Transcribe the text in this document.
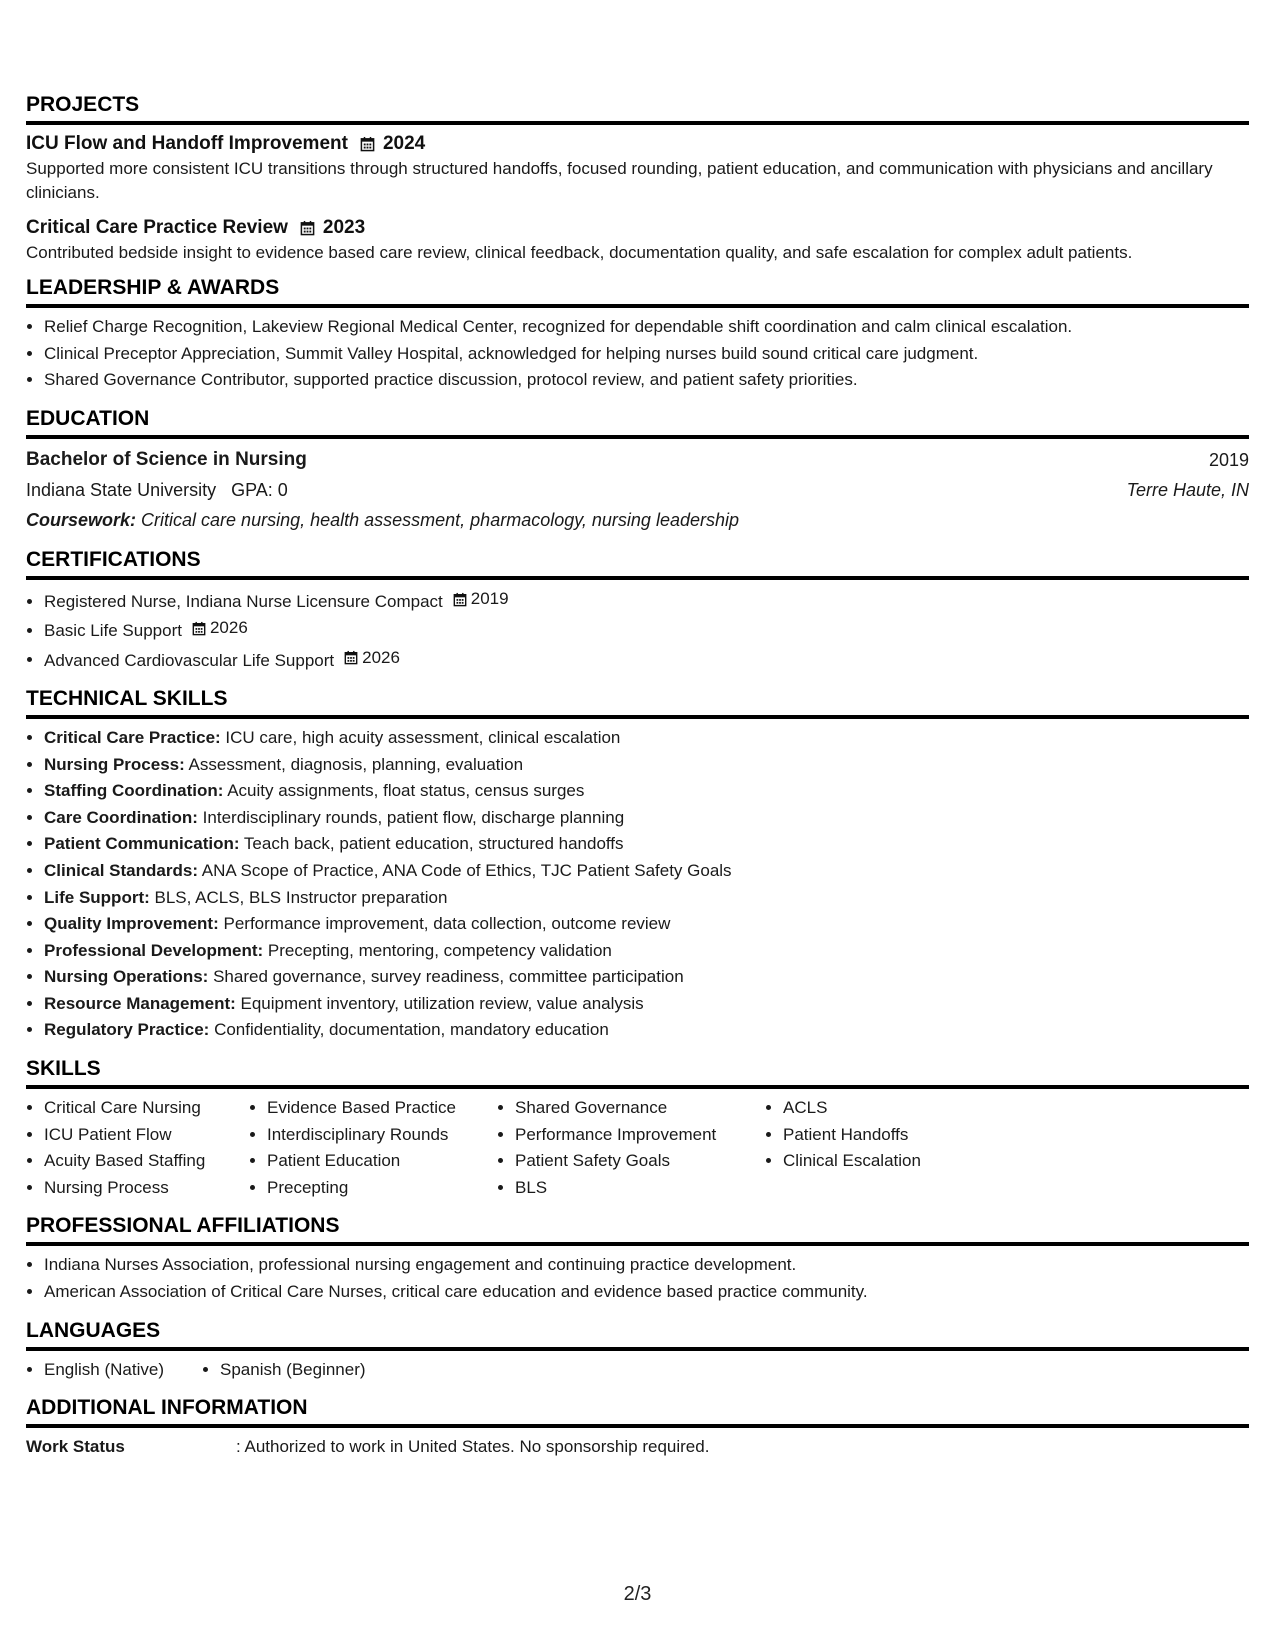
PROJECTS
ICU Flow and Handoff Improvement 2024
Supported more consistent ICU transitions through structured handoffs, focused rounding, patient education, and communication with physicians and ancillary clinicians.
Critical Care Practice Review 2023
Contributed bedside insight to evidence based care review, clinical feedback, documentation quality, and safe escalation for complex adult patients.
LEADERSHIP & AWARDS
• Relief Charge Recognition, Lakeview Regional Medical Center, recognized for dependable shift coordination and calm clinical escalation.
• Clinical Preceptor Appreciation, Summit Valley Hospital, acknowledged for helping nurses build sound critical care judgment.
• Shared Governance Contributor, supported practice discussion, protocol review, and patient safety priorities.
EDUCATION
Bachelor of Science in Nursing	2019
Indiana State University   GPA: 0	Terre Haute, IN
Coursework: Critical care nursing, health assessment, pharmacology, nursing leadership
CERTIFICATIONS
• Registered Nurse, Indiana Nurse Licensure Compact 2019
• Basic Life Support 2026
• Advanced Cardiovascular Life Support 2026
TECHNICAL SKILLS
• Critical Care Practice: ICU care, high acuity assessment, clinical escalation
• Nursing Process: Assessment, diagnosis, planning, evaluation
• Staffing Coordination: Acuity assignments, float status, census surges
• Care Coordination: Interdisciplinary rounds, patient flow, discharge planning
• Patient Communication: Teach back, patient education, structured handoffs
• Clinical Standards: ANA Scope of Practice, ANA Code of Ethics, TJC Patient Safety Goals
• Life Support: BLS, ACLS, BLS Instructor preparation
• Quality Improvement: Performance improvement, data collection, outcome review
• Professional Development: Precepting, mentoring, competency validation
• Nursing Operations: Shared governance, survey readiness, committee participation
• Resource Management: Equipment inventory, utilization review, value analysis
• Regulatory Practice: Confidentiality, documentation, mandatory education
SKILLS
• Critical Care Nursing
• ICU Patient Flow
• Acuity Based Staffing
• Nursing Process
• Evidence Based Practice
• Interdisciplinary Rounds
• Patient Education
• Precepting
• Shared Governance
• Performance Improvement
• Patient Safety Goals
• BLS
• ACLS
• Patient Handoffs
• Clinical Escalation
PROFESSIONAL AFFILIATIONS
• Indiana Nurses Association, professional nursing engagement and continuing practice development.
• American Association of Critical Care Nurses, critical care education and evidence based practice community.
LANGUAGES
• English (Native)
•	Spanish (Beginner)
ADDITIONAL INFORMATION
Work Status	: Authorized to work in United States. No sponsorship required.
2/3
